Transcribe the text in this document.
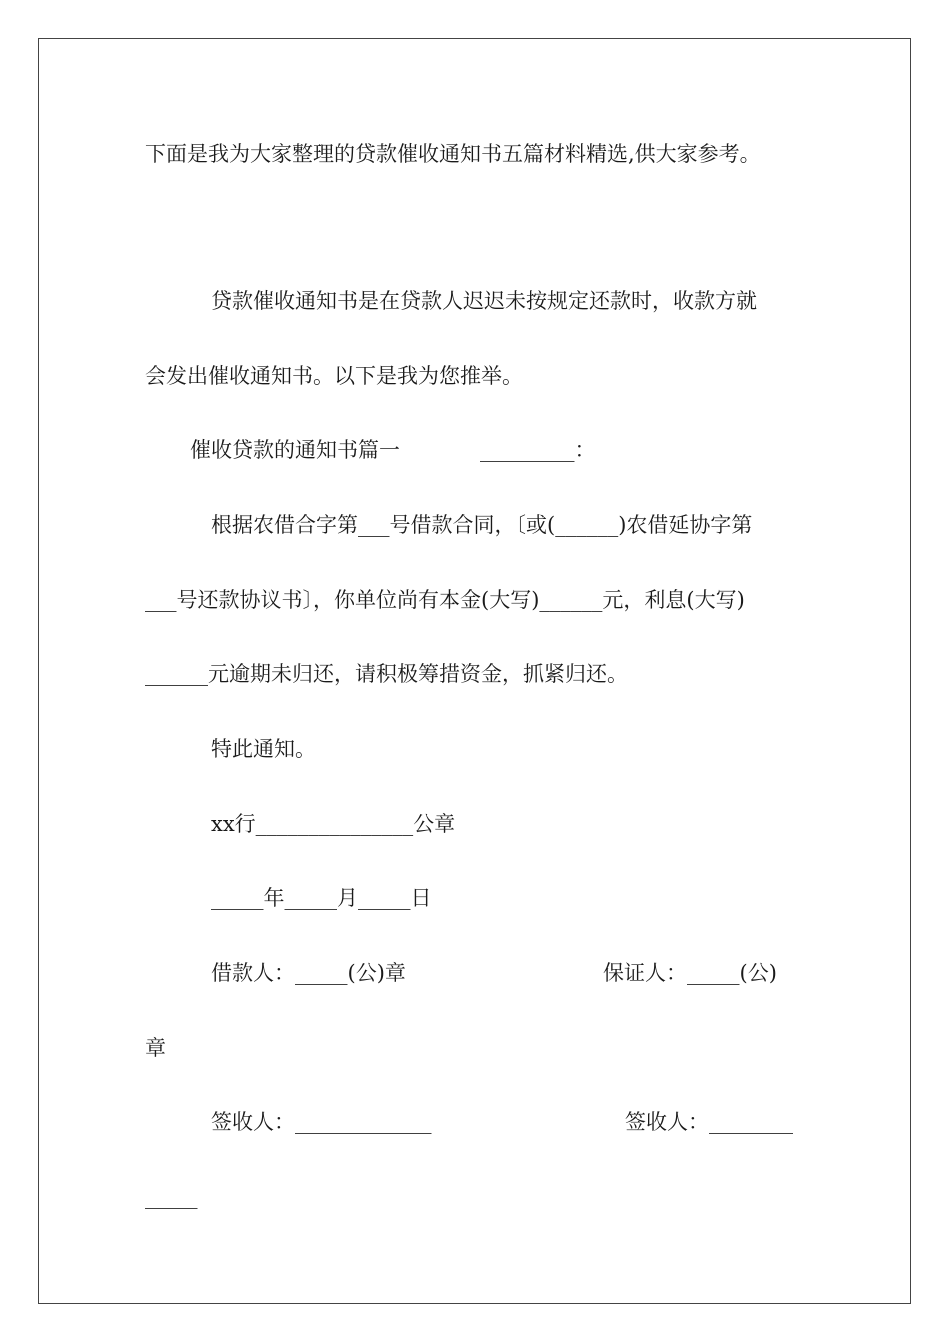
下面是我为大家整理的贷款催收通知书五篇材料精选,供大家参考。
贷款催收通知书是在贷款人迟迟未按规定还款时，收款方就
会发出催收通知书。以下是我为您推举。
催收贷款的通知书篇一	_________：
根据农借合字第___号借款合同，〔或(______)农借延协字第
___号还款协议书〕，你单位尚有本金(大写)______元，利息(大写)
______元逾期未归还，请积极筹措资金，抓紧归还。
特此通知。
xx行_______________公章
_____年_____月_____日
借款人：_____(公)章	保证人：_____(公)
章
签收人：_____________	签收人：________
_____
